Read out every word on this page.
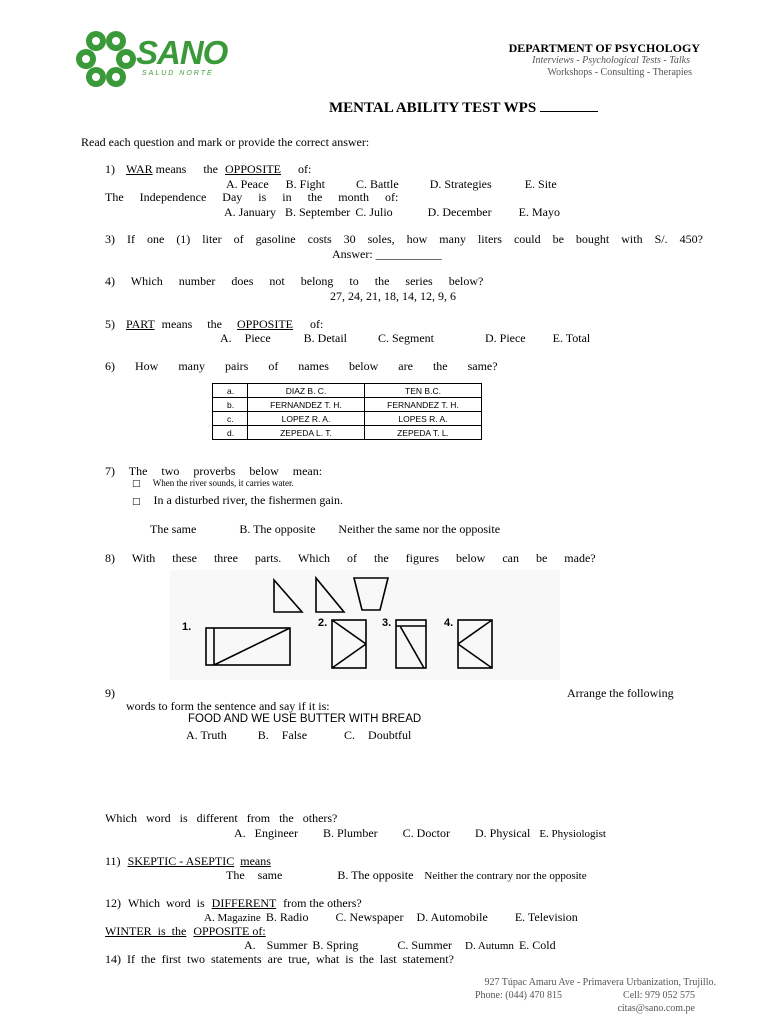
SANO
SALUD NORTE
DEPARTMENT OF PSYCHOLOGY
Interviews - Psychological Tests - Talks
Workshops - Consulting - Therapies
MENTAL ABILITY TEST WPS
Read each question and mark or provide the correct answer:
1) WAR means the OPPOSITE of:
A. Peace B. Fight	C. Battle	D. Strategies	E. Site
The Independence Day is in the month of:
A. January B. September C. Julio	D. December E. Mayo
3) If one (1) liter of gasoline costs 30 soles, how many liters could be bought with S/. 450?
Answer: ___________
4) Which number does not belong to the series below?
27, 24, 21, 18, 14, 12, 9, 6
5) PART means the OPPOSITE of:
A. Piece	B. Detail	C. Segment	D. Piece E. Total
6) How many pairs of names below are the same?
a.	DIAZ B. C.	TEN B.C.
b.	FERNANDEZ T. H.	FERNANDEZ T. H.
c.	LOPEZ R. A.	LOPES R. A.
d.	ZEPEDA L. T.	ZEPEDA T. L.
7) The two proverbs below mean:
□ When the river sounds, it carries water.
□ In a disturbed river, the fishermen gain.
The same	B. The opposite Neither the same nor the opposite
8) With these three parts. Which of the figures below can be made?
1.	2.	3.	4.
9)	Arrange the following
words to form the sentence and say if it is:
FOOD AND WE USE BUTTER WITH BREAD
A. Truth	B. False	C. Doubtful
Which word is different from the others?
A. Engineer B. Plumber C. Doctor D. Physical E. Physiologist
11) SKEPTIC - ASEPTIC means
The same	B. The opposite Neither the contrary nor the opposite
12) Which word is DIFFERENT from the others?
A. Magazine B. Radio C. Newspaper D. Automobile E. Television
WINTER is the OPPOSITE of:
A. Summer B. Spring	C. Summer D. Autumn E. Cold
14) If the first two statements are true, what is the last statement?
927 Túpac Amaru Ave - Primavera Urbanization, Trujillo.
Phone: (044) 470 815	Cell: 979 052 575
citas@sano.com.pe
